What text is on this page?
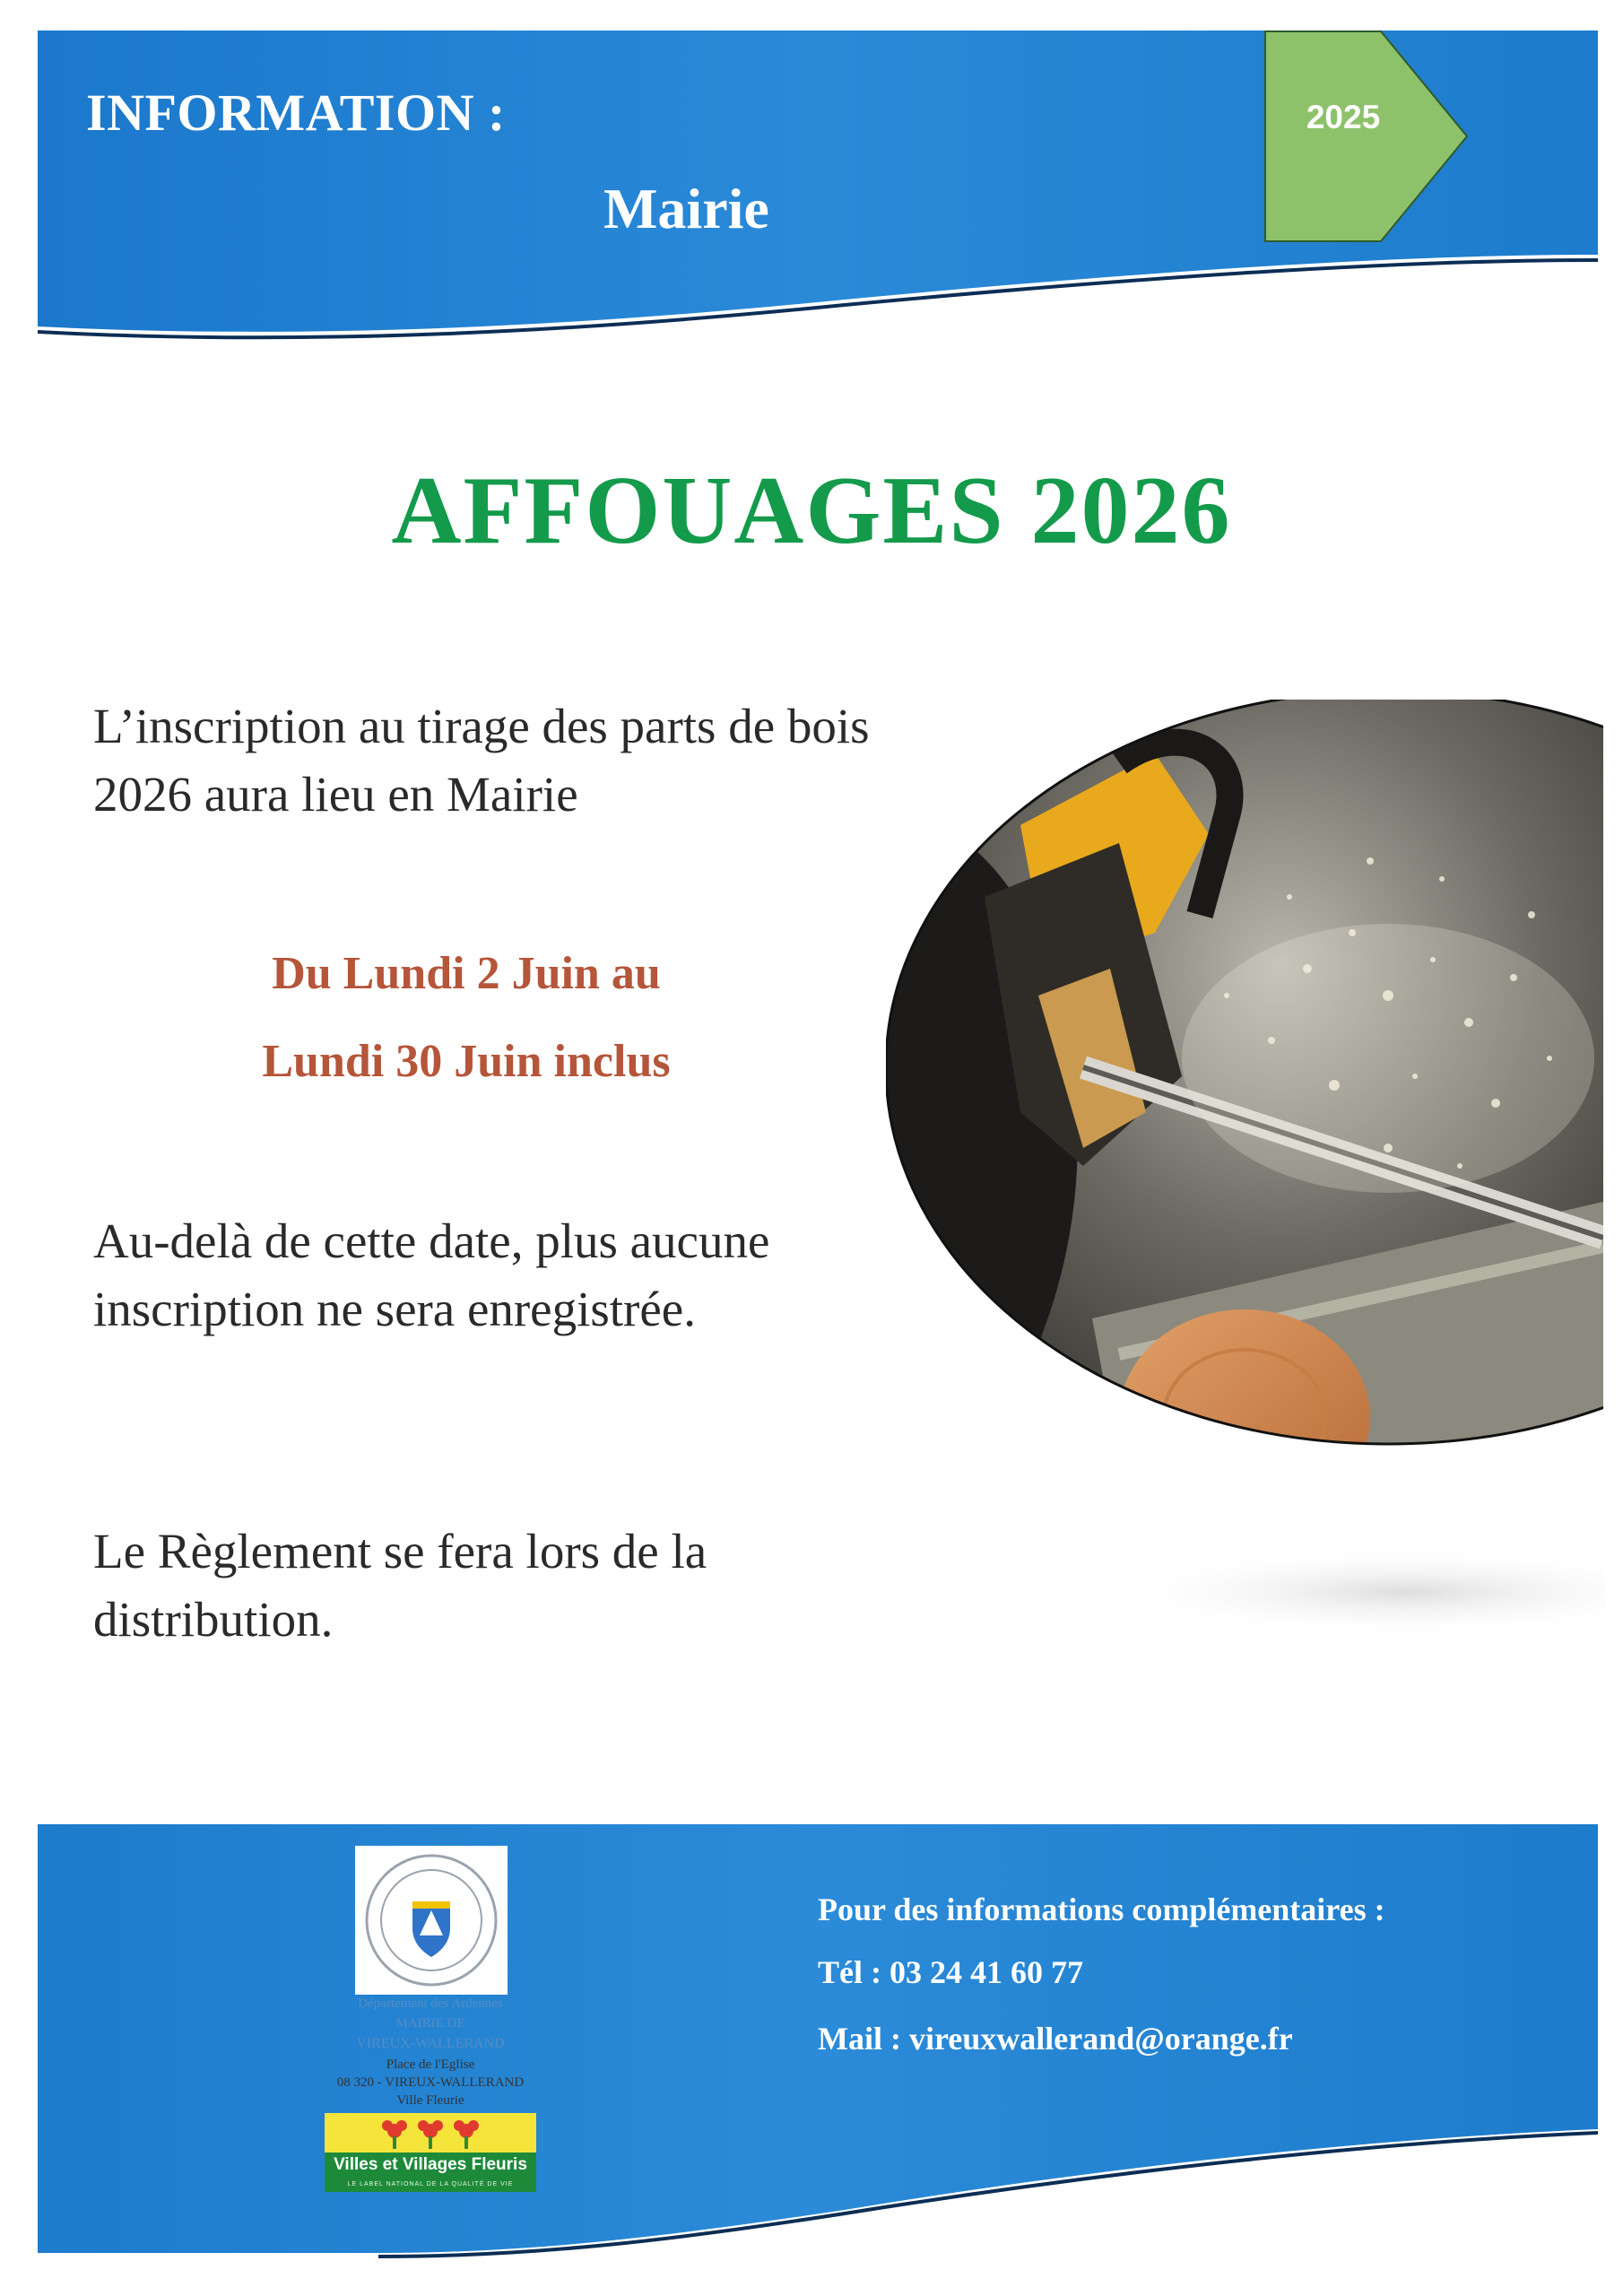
INFORMATION :
Mairie
2025
AFFOUAGES 2026
L’inscription au tirage des parts de bois 2026 aura lieu en Mairie
Du Lundi 2 Juin au
Lundi 30 Juin inclus
Au-delà de cette date, plus aucune inscription ne sera enregistrée.
Le Règlement se fera lors de la distribution.
Département des Ardennes
MAIRIE DE
VIREUX-WALLERAND
Place de l'Eglise
08 320 - VIREUX-WALLERAND
Ville Fleurie
Villes et Villages Fleuris
LE LABEL NATIONAL DE LA QUALITÉ DE VIE
Pour des informations complémentaires :
Tél : 03 24 41 60 77
Mail : vireuxwallerand@orange.fr
